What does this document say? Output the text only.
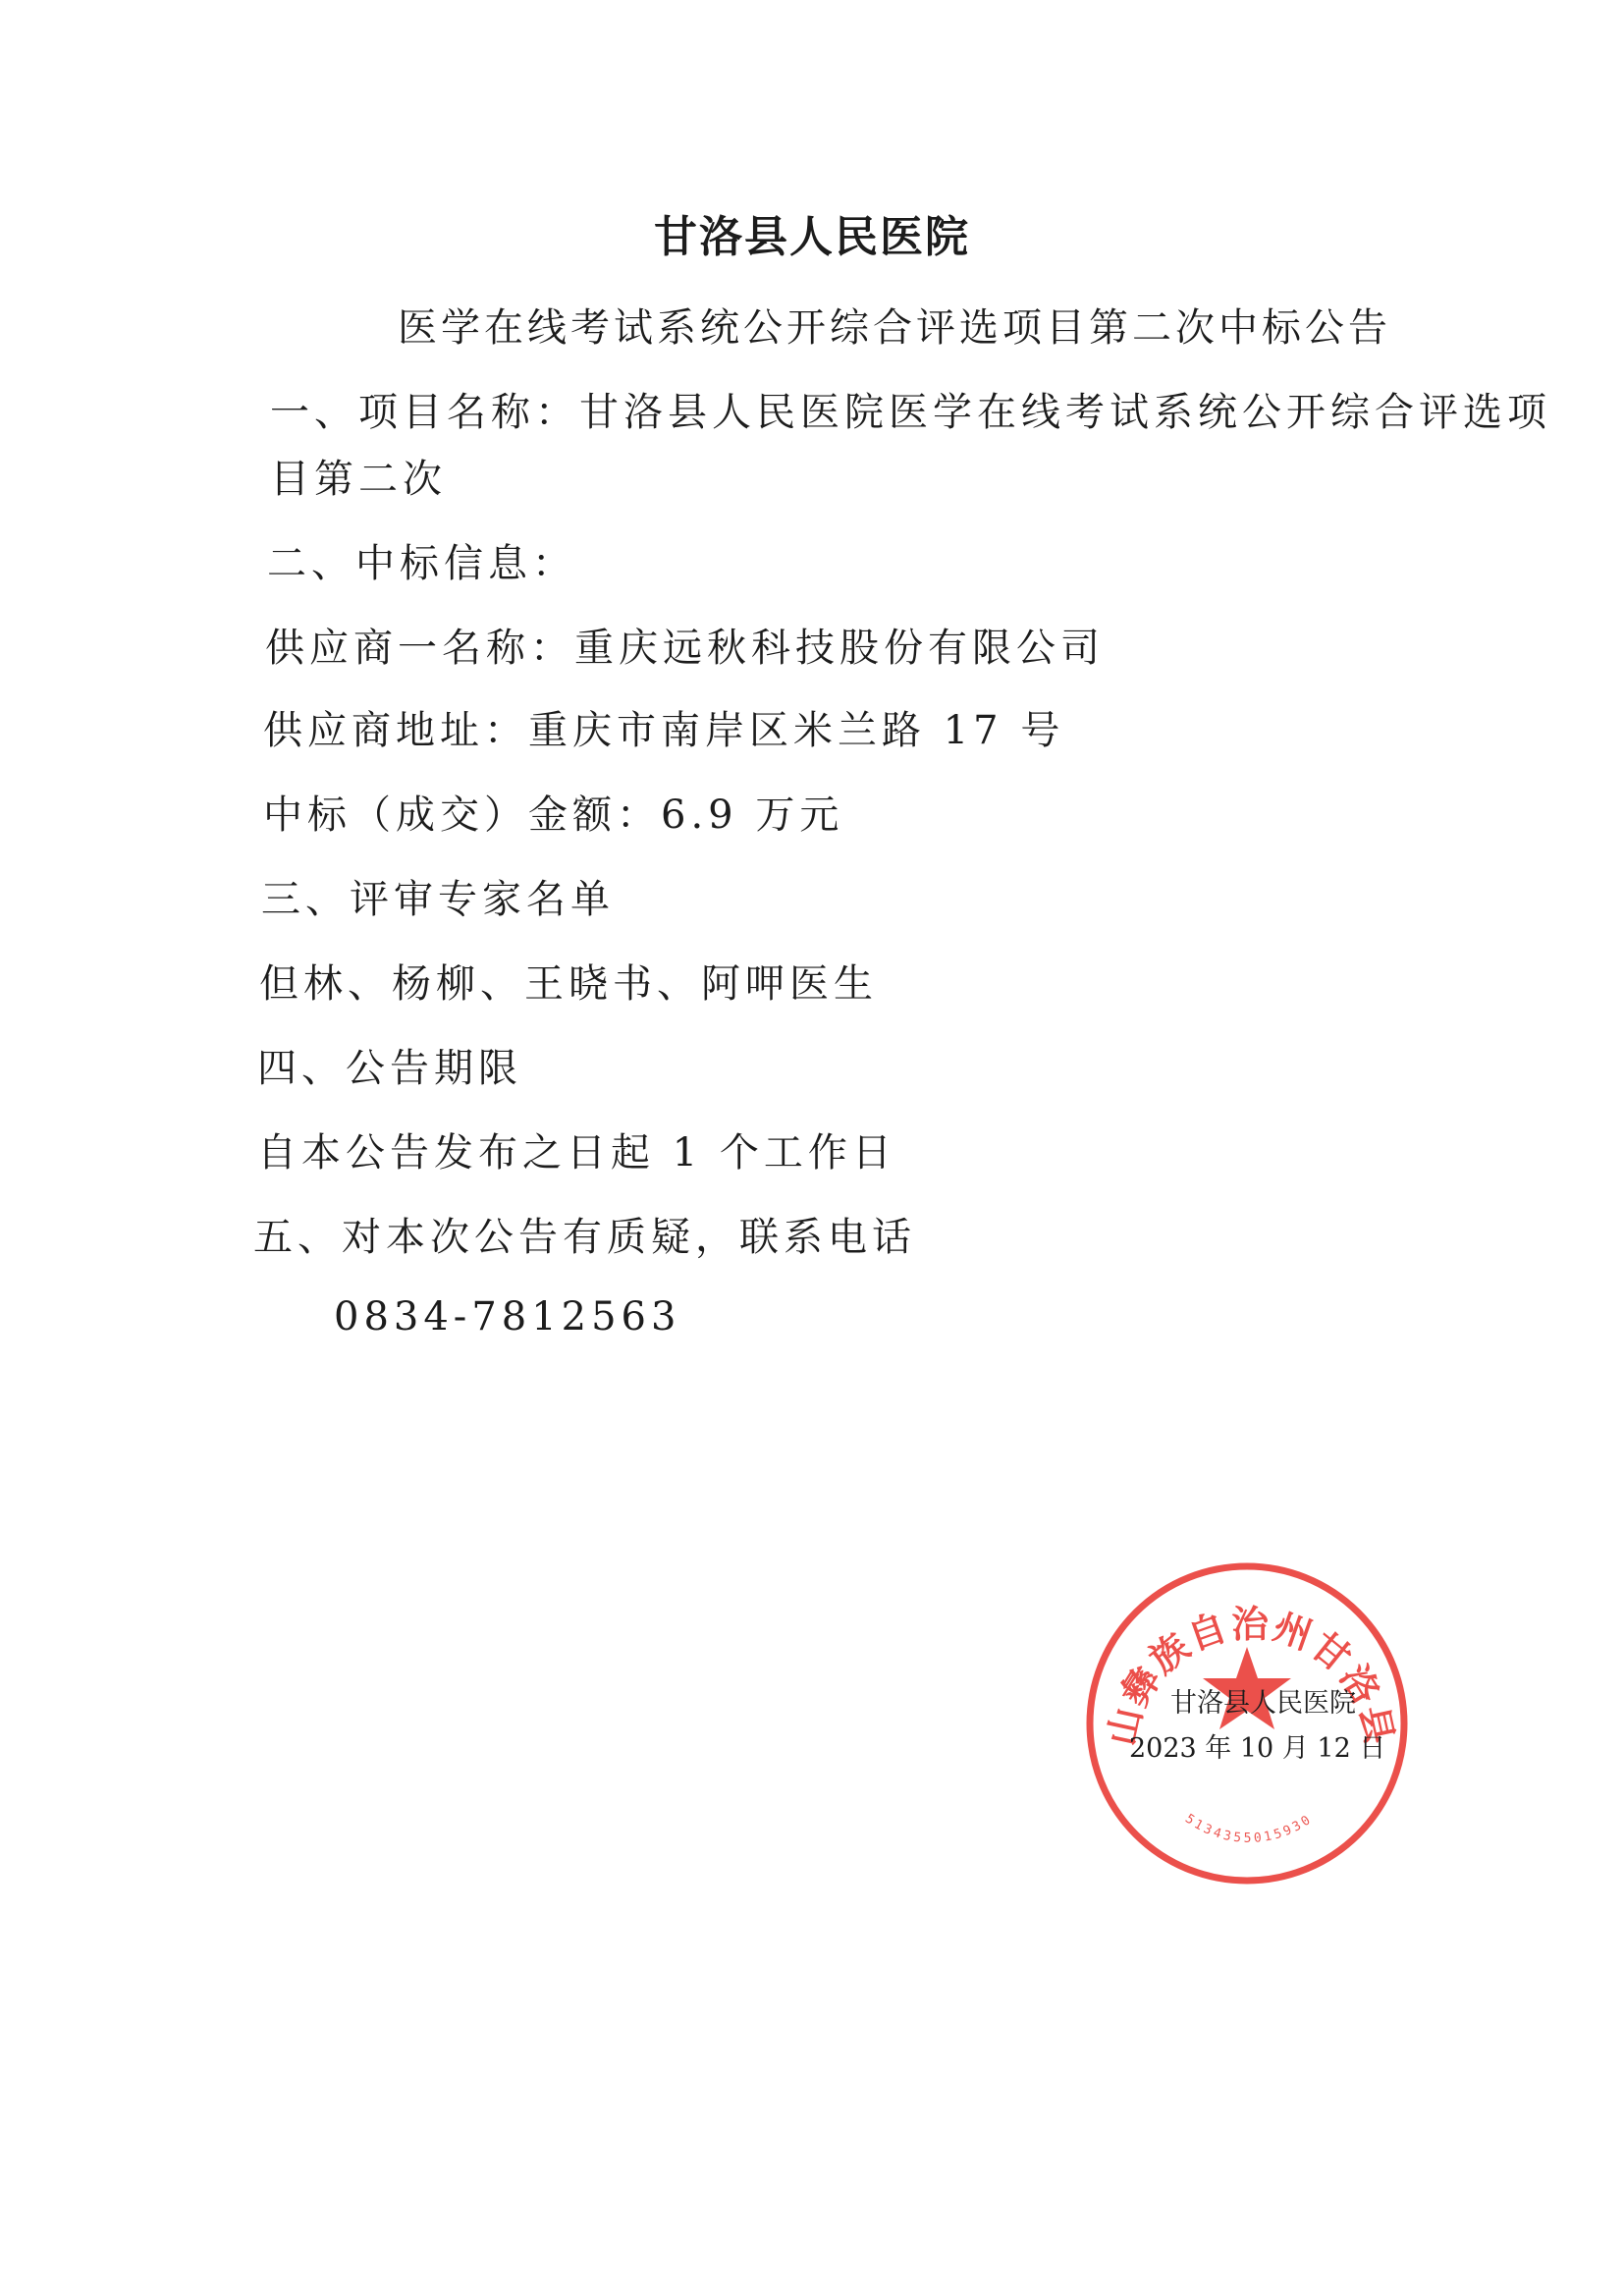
甘洛县人民医院
医学在线考试系统公开综合评选项目第二次中标公告
一、项目名称：甘洛县人民医院医学在线考试系统公开综合评选项
目第二次
二、中标信息：
供应商一名称：重庆远秋科技股份有限公司
供应商地址：重庆市南岸区米兰路 17 号
中标（成交）金额：6.9 万元
三、评审专家名单
但林、杨柳、王晓书、阿呷医生
四、公告期限
自本公告发布之日起 1 个工作日
五、对本次公告有质疑，联系电话
0834-7812563
山彝族自治州甘洛县
5134355015930
甘洛县人民医院
2023 年 10 月 12 日
